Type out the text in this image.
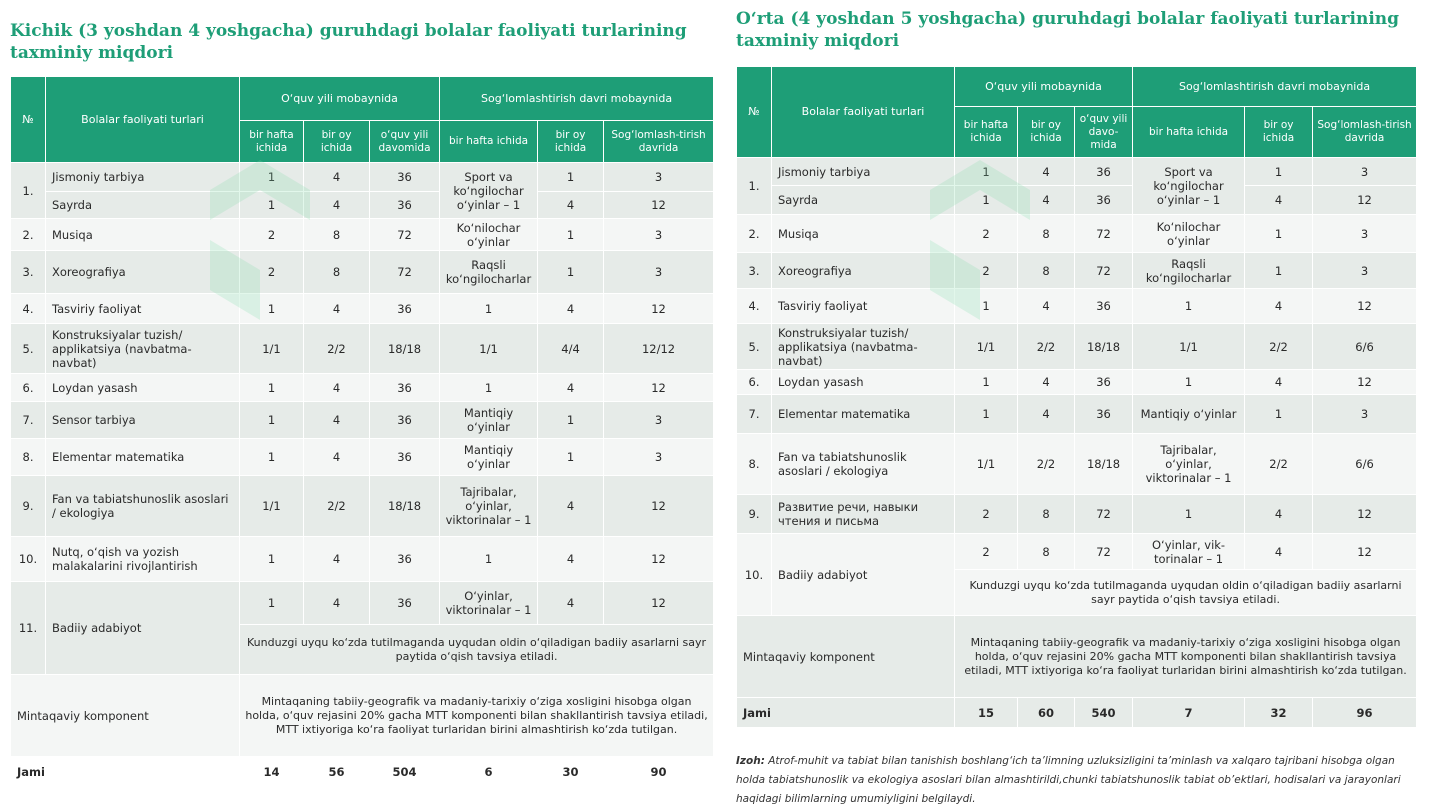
Kichik (3 yoshdan 4 yoshgacha) guruhdagi bolalar faoliyati turlarining taxminiy miqdori
№	Bolalar faoliyati turlari	O‘quv yili mobaynida			Sog‘lomlashtirish davri mobaynida		
		bir hafta ichida	bir oy ichida	o‘quv yili davomida	bir hafta ichida	bir oy ichida	Sog‘lomlash-tirish davrida
1.	Jismoniy tarbiya	1	4	36	Sport va ko‘ngilochar o‘yinlar – 1	1	3
	Sayrda	1	4	36		4	12
2.	Musiqa	2	8	72	Ko‘nilochar o‘yinlar	1	3
3.	Xoreografiya	2	8	72	Raqsli ko‘ngilocharlar	1	3
4.	Tasviriy faoliyat	1	4	36	1	4	12
5.	Konstruksiyalar tuzish/ applikatsiya (navbatma-navbat)	1/1	2/2	18/18	1/1	4/4	12/12
6.	Loydan yasash	1	4	36	1	4	12
7.	Sensor tarbiya	1	4	36	Mantiqiy o‘yinlar	1	3
8.	Elementar matematika	1	4	36	Mantiqiy o‘yinlar	1	3
9.	Fan va tabiatshunoslik asoslari / ekologiya	1/1	2/2	18/18	Tajribalar, o‘yinlar, viktorinalar – 1	4	12
10.	Nutq, o‘qish va yozish malakalarini rivojlantirish	1	4	36	1	4	12
11.	Badiiy adabiyot	1	4	36	O‘yinlar, viktorinalar – 1	4	12
		Kunduzgi uyqu ko‘zda tutilmaganda uyqudan oldin o‘qiladigan badiiy asarlarni sayr paytida o‘qish tavsiya etiladi.					
Mintaqaviy komponent		Mintaqaning tabiiy-geografik va madaniy-tarixiy o‘ziga xosligini hisobga olgan holda, o‘quv rejasini 20% gacha MTT komponenti bilan shakllantirish tavsiya etiladi, MTT ixtiyoriga ko‘ra faoliyat turlaridan birini almashtirish ko‘zda tutilgan.					
Jami		14	56	504	6	30	90
O‘rta (4 yoshdan 5 yoshgacha) guruhdagi bolalar faoliyati turlarining taxminiy miqdori
№	Bolalar faoliyati turlari	O‘quv yili mobaynida			Sog‘lomlashtirish davri mobaynida		
		bir hafta ichida	bir oy ichida	o‘quv yili davo-mida	bir hafta ichida	bir oy ichida	Sog‘lomlash-tirish davrida
1.	Jismoniy tarbiya	1	4	36	Sport va ko‘ngilochar o‘yinlar – 1	1	3
	Sayrda	1	4	36		4	12
2.	Musiqa	2	8	72	Ko‘nilochar o‘yinlar	1	3
3.	Xoreografiya	2	8	72	Raqsli ko‘ngilocharlar	1	3
4.	Tasviriy faoliyat	1	4	36	1	4	12
5.	Konstruksiyalar tuzish/ applikatsiya (navbatma-navbat)	1/1	2/2	18/18	1/1	2/2	6/6
6.	Loydan yasash	1	4	36	1	4	12
7.	Elementar matematika	1	4	36	Mantiqiy o‘yinlar	1	3
8.	Fan va tabiatshunoslik asoslari / ekologiya	1/1	2/2	18/18	Tajribalar, o‘yinlar, viktorinalar – 1	2/2	6/6
9.	Развитие речи, навыки чтения и письма	2	8	72	1	4	12
10.	Badiiy adabiyot	2	8	72	O‘yinlar, vik-torinalar – 1	4	12
		Kunduzgi uyqu ko‘zda tutilmaganda uyqudan oldin o‘qiladigan badiiy asarlarni sayr paytida o‘qish tavsiya etiladi.					
Mintaqaviy komponent		Mintaqaning tabiiy-geografik va madaniy-tarixiy o‘ziga xosligini hisobga olgan holda, o‘quv rejasini 20% gacha MTT komponenti bilan shakllantirish tavsiya etiladi, MTT ixtiyoriga ko‘ra faoliyat turlaridan birini almashtirish ko‘zda tutilgan.					
Jami		15	60	540	7	32	96
Izoh: Atrof-muhit va tabiat bilan tanishish boshlang‘ich ta’limning uzluksizligini ta’minlash va xalqaro tajribani hisobga olgan holda tabiatshunoslik va ekologiya asoslari bilan almashtirildi,chunki tabiatshunoslik tabiat ob’ektlari, hodisalari va jarayonlari haqidagi bilimlarning umumiyligini belgilaydi.
